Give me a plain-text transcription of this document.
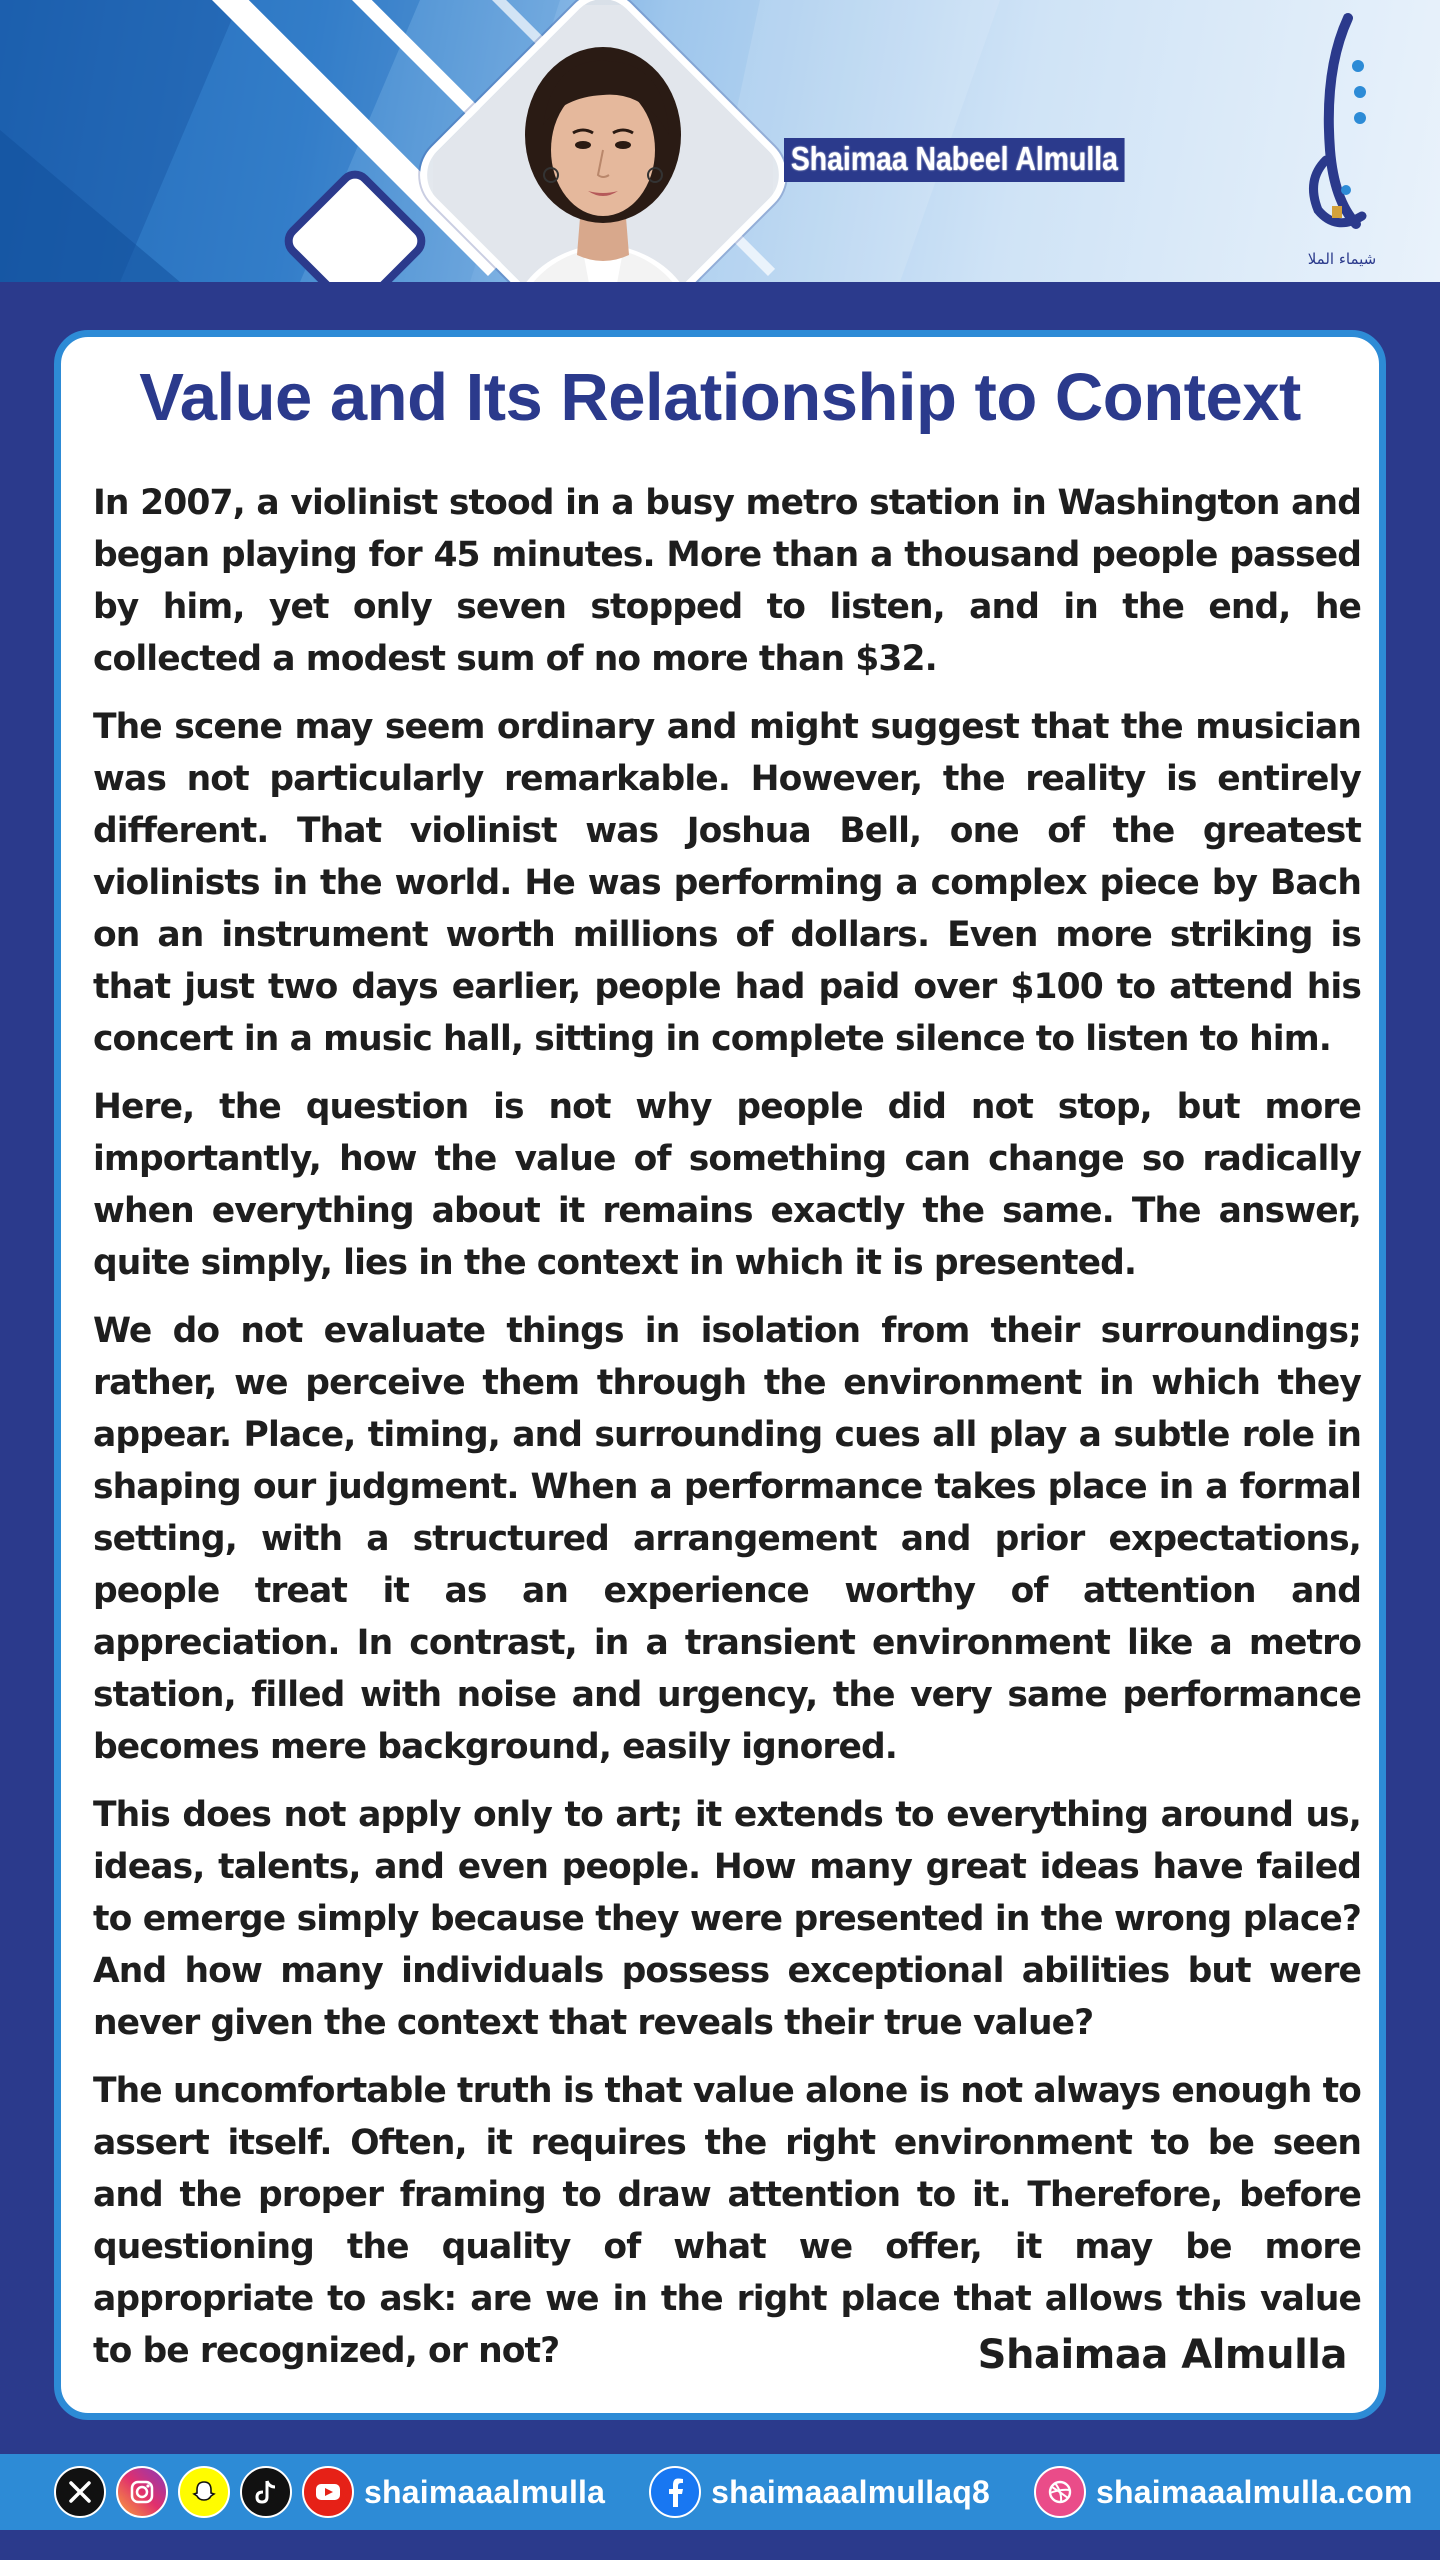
Shaimaa Nabeel Almulla
شيماء الملا
Value and Its Relationship to Context

In 2007, a violinist stood in a busy metro station in Washington and began playing for 45 minutes. More than a thousand people passed by him, yet only seven stopped to listen, and in the end, he collected a modest sum of no more than $32.

The scene may seem ordinary and might suggest that the musician was not particularly remarkable. However, the reality is entirely different. That violinist was Joshua Bell, one of the greatest violinists in the world. He was performing a complex piece by Bach on an instrument worth millions of dollars. Even more striking is that just two days earlier, people had paid over $100 to attend his concert in a music hall, sitting in complete silence to listen to him.

Here, the question is not why people did not stop, but more importantly, how the value of something can change so radically when everything about it remains exactly the same. The answer, quite simply, lies in the context in which it is presented.

We do not evaluate things in isolation from their surroundings; rather, we perceive them through the environment in which they appear. Place, timing, and surrounding cues all play a subtle role in shaping our judgment. When a performance takes place in a formal setting, with a structured arrangement and prior expectations, people treat it as an experience worthy of attention and appreciation. In contrast, in a transient environment like a metro station, filled with noise and urgency, the very same performance becomes mere background, easily ignored.

This does not apply only to art; it extends to everything around us, ideas, talents, and even people. How many great ideas have failed to emerge simply because they were presented in the wrong place? And how many individuals possess exceptional abilities but were never given the context that reveals their true value?

The uncomfortable truth is that value alone is not always enough to assert itself. Often, it requires the right environment to be seen and the proper framing to draw attention to it. Therefore, before questioning the quality of what we offer, it may be more appropriate to ask: are we in the right place that allows this value to be recognized, or not?	Shaimaa Almulla
shaimaaalmulla	shaimaaalmullaq8	shaimaaalmulla.com
